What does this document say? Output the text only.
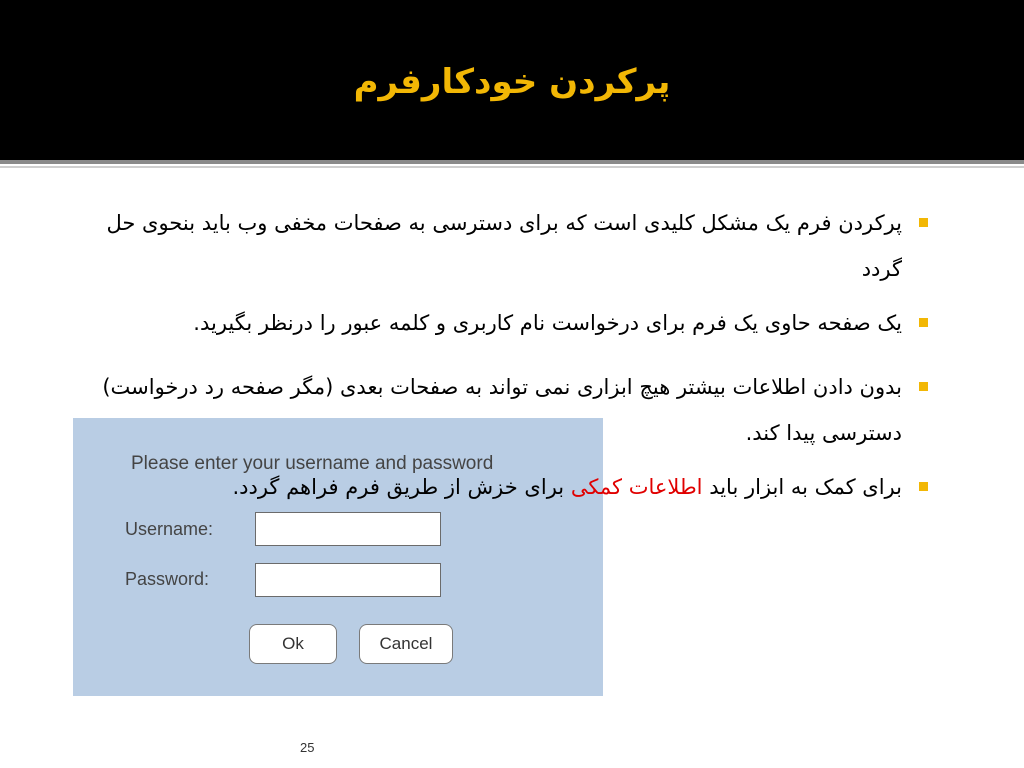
پرکردن خودکارفرم
Please enter your username and password
Username:
Password:
Ok	Cancel
پرکردن فرم یک مشکل کلیدی است که برای دسترسی به صفحات مخفی وب باید بنحوی حل گردد
یک صفحه حاوی یک فرم برای درخواست نام کاربری و کلمه عبور را درنظر بگیرید.
بدون دادن اطلاعات بیشتر هیچ ابزاری نمی تواند به صفحات بعدی (مگر صفحه رد درخواست) دسترسی پیدا کند.
برای کمک به ابزار باید اطلاعات کمکی برای خزش از طریق فرم فراهم گردد.
25
